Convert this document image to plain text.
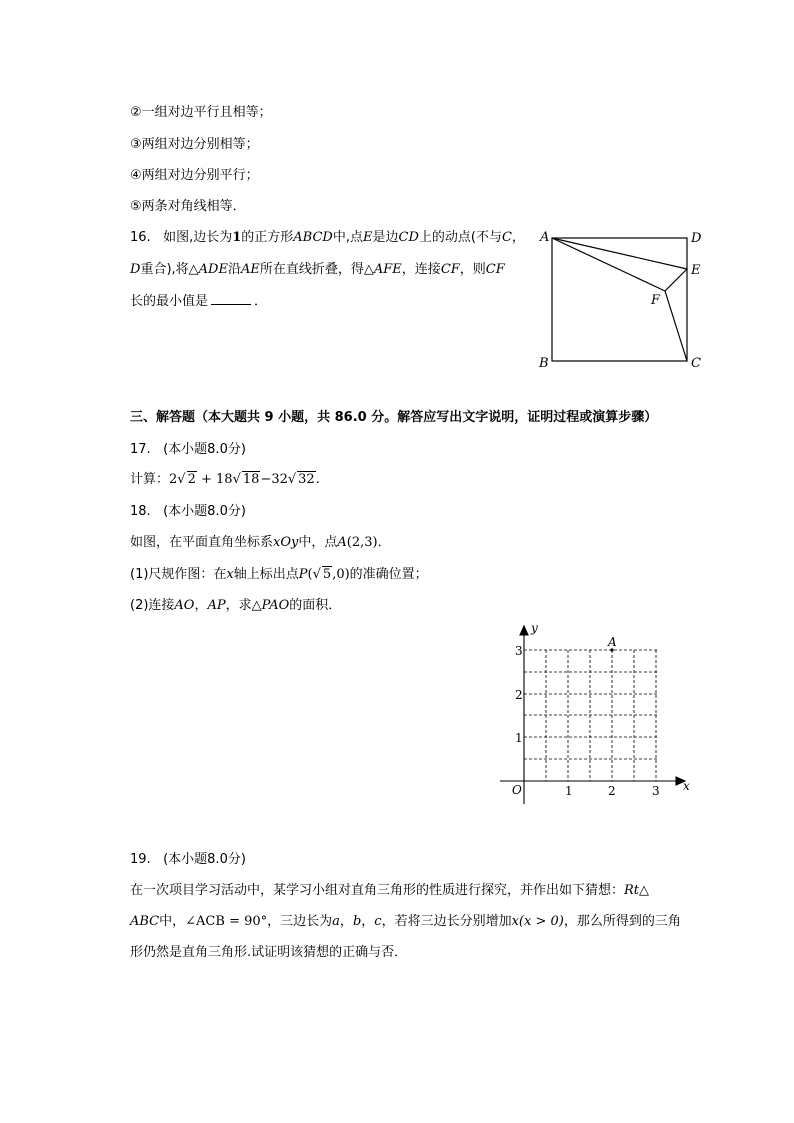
②一组对边平行且相等；
③两组对边分别相等；
④两组对边分别平行；
⑤两条对角线相等．
16. 如图,边长为1的正方形ABCD中,点E是边CD上的动点(不与C，
D重合),将△ADE沿AE所在直线折叠，得△AFE，连接CF，则CF
长的最小值是	．
A	D
E
F
B	C
三、解答题（本大题共 9 小题，共 86.0 分。解答应写出文字说明，证明过程或演算步骤）
17. (本小题8.0分)
计算：2√ 2 + 18√ 18−32√ 32.
18. (本小题8.0分)
如图，在平面直角坐标系xOy中，点A(2,3)．
(1)尺规作图：在x轴上标出点P(√ 5,0)的准确位置；
(2)连接AO，AP，求△PAO的面积．
y
x
O
A
1	2	3
1
2
3
19. (本小题8.0分)
在一次项目学习活动中，某学习小组对直角三角形的性质进行探究，并作出如下猜想：Rt△
ABC中，∠ACB = 90°，三边长为a，b，c，若将三边长分别增加x(x > 0)，那么所得到的三角
形仍然是直角三角形.试证明该猜想的正确与否．
